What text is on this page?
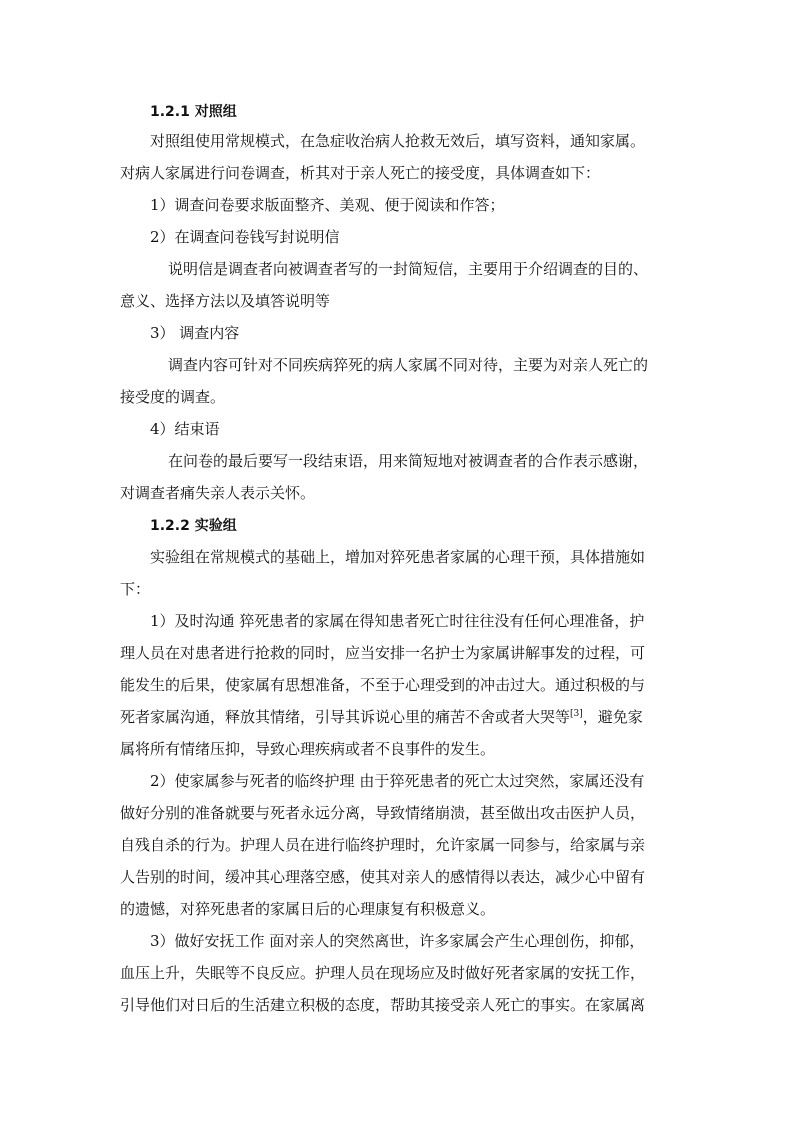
1.2.1 对照组
对照组使用常规模式，在急症收治病人抢救无效后，填写资料，通知家属。
对病人家属进行问卷调查，析其对于亲人死亡的接受度，具体调查如下：
1）调查问卷要求版面整齐、美观、便于阅读和作答；
2）在调查问卷钱写封说明信
说明信是调查者向被调查者写的一封简短信，主要用于介绍调查的目的、
意义、选择方法以及填答说明等
3） 调查内容
调查内容可针对不同疾病猝死的病人家属不同对待，主要为对亲人死亡的
接受度的调查。
4）结束语
在问卷的最后要写一段结束语，用来简短地对被调查者的合作表示感谢，
对调查者痛失亲人表示关怀。
1.2.2 实验组
实验组在常规模式的基础上，增加对猝死患者家属的心理干预，具体措施如
下：
1）及时沟通 猝死患者的家属在得知患者死亡时往往没有任何心理准备，护
理人员在对患者进行抢救的同时，应当安排一名护士为家属讲解事发的过程，可
能发生的后果，使家属有思想准备，不至于心理受到的冲击过大。通过积极的与
死者家属沟通，释放其情绪，引导其诉说心里的痛苦不舍或者大哭等[3]，避免家
属将所有情绪压抑，导致心理疾病或者不良事件的发生。
2）使家属参与死者的临终护理 由于猝死患者的死亡太过突然，家属还没有
做好分别的准备就要与死者永远分离，导致情绪崩溃，甚至做出攻击医护人员，
自残自杀的行为。护理人员在进行临终护理时，允许家属一同参与，给家属与亲
人告别的时间，缓冲其心理落空感，使其对亲人的感情得以表达，减少心中留有
的遗憾，对猝死患者的家属日后的心理康复有积极意义。
3）做好安抚工作 面对亲人的突然离世，许多家属会产生心理创伤，抑郁，
血压上升，失眠等不良反应。护理人员在现场应及时做好死者家属的安抚工作，
引导他们对日后的生活建立积极的态度，帮助其接受亲人死亡的事实。在家属离
